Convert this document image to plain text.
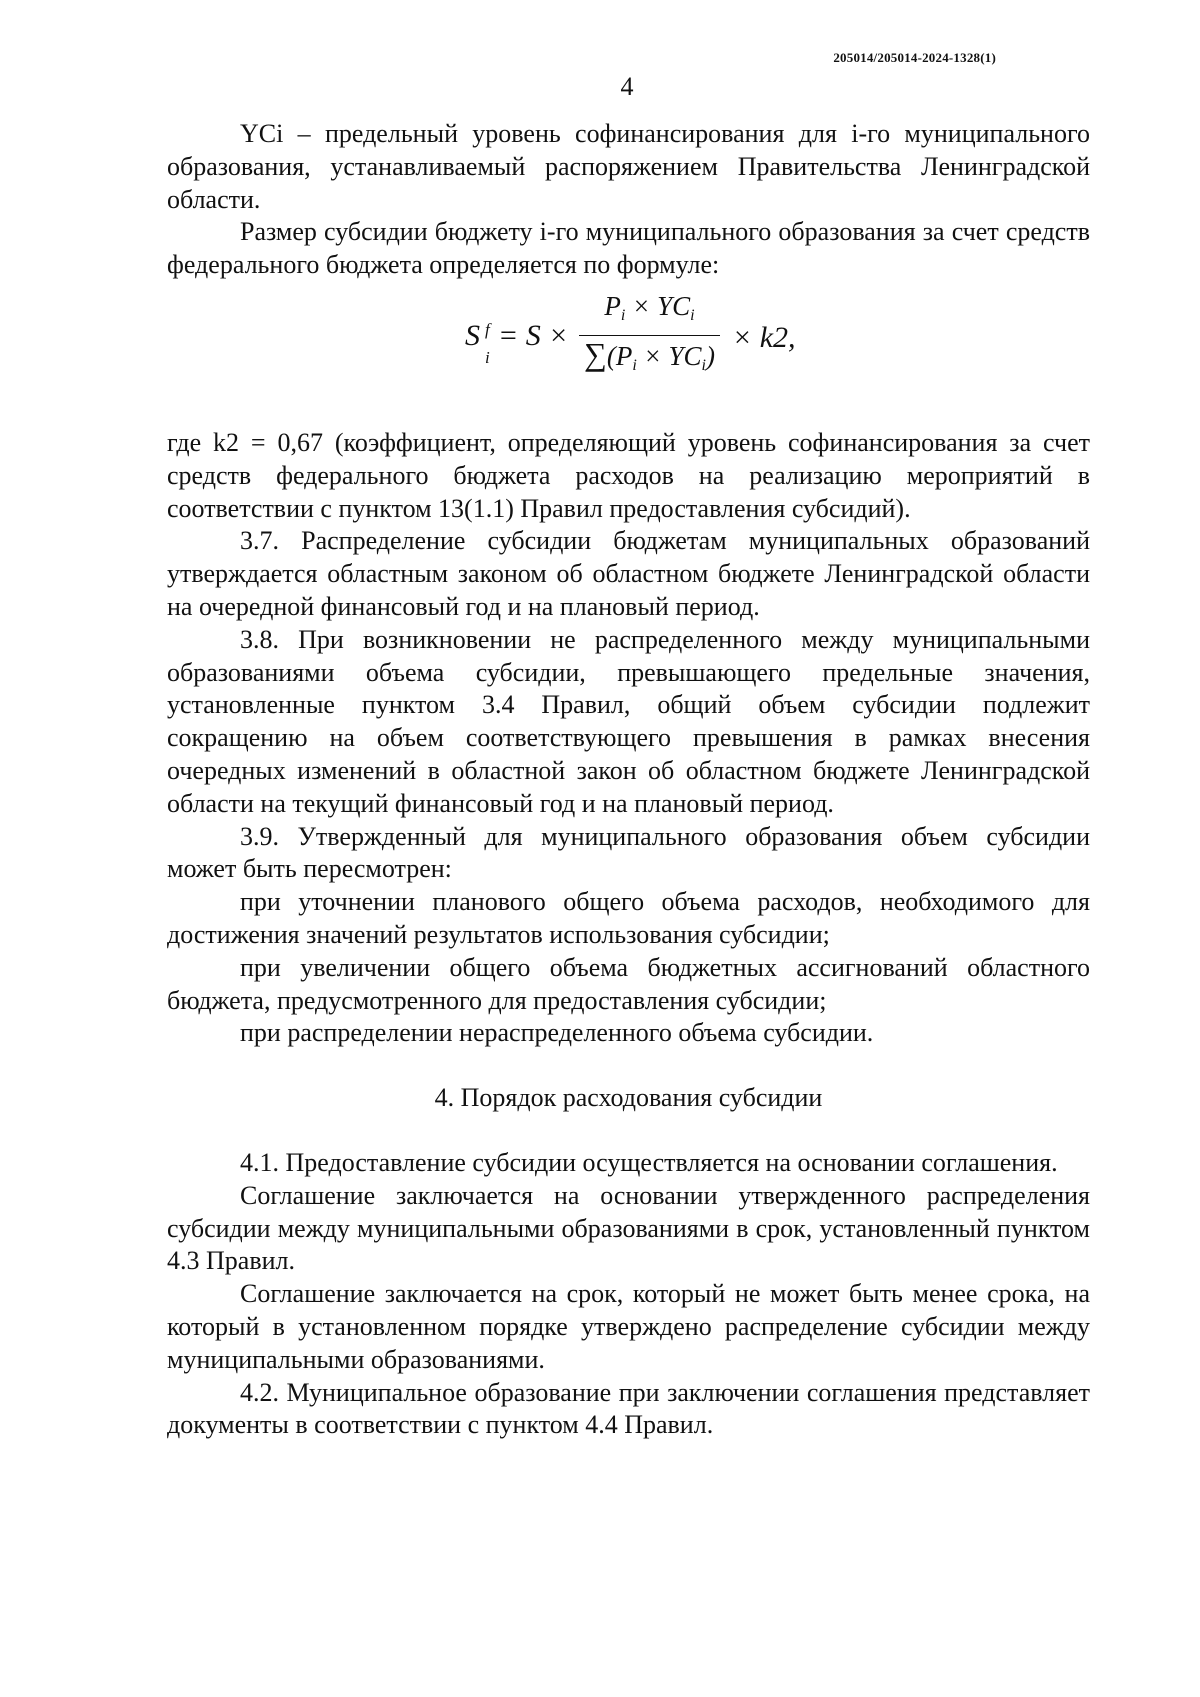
205014/205014-2024-1328(1)
4

YCi – предельный уровень софинансирования для i-го муниципального образования, устанавливаемый распоряжением Правительства Ленинградской области.

Размер субсидии бюджету i-го муниципального образования за счет средств федерального бюджета определяется по формуле:

S f
i
= S ×
Pi × YCi
∑(Pi × YCi)
× k2,

где k2 = 0,67 (коэффициент, определяющий уровень софинансирования за счет средств федерального бюджета расходов на реализацию мероприятий в соответствии с пунктом 13(1.1) Правил предоставления субсидий).

3.7. Распределение субсидии бюджетам муниципальных образований утверждается областным законом об областном бюджете Ленинградской области на очередной финансовый год и на плановый период.

3.8. При возникновении не распределенного между муниципальными образованиями объема субсидии, превышающего предельные значения, установленные пунктом 3.4 Правил, общий объем субсидии подлежит сокращению на объем соответствующего превышения в рамках внесения очередных изменений в областной закон об областном бюджете Ленинградской области на текущий финансовый год и на плановый период.

3.9. Утвержденный для муниципального образования объем субсидии может быть пересмотрен:

при уточнении планового общего объема расходов, необходимого для достижения значений результатов использования субсидии;

при увеличении общего объема бюджетных ассигнований областного бюджета, предусмотренного для предоставления субсидии;

при распределении нераспределенного объема субсидии.

4. Порядок расходования субсидии

4.1. Предоставление субсидии осуществляется на основании соглашения.

Соглашение заключается на основании утвержденного распределения субсидии между муниципальными образованиями в срок, установленный пунктом 4.3 Правил.

Соглашение заключается на срок, который не может быть менее срока, на который в установленном порядке утверждено распределение субсидии между муниципальными образованиями.

4.2. Муниципальное образование при заключении соглашения представляет документы в соответствии с пунктом 4.4 Правил.
